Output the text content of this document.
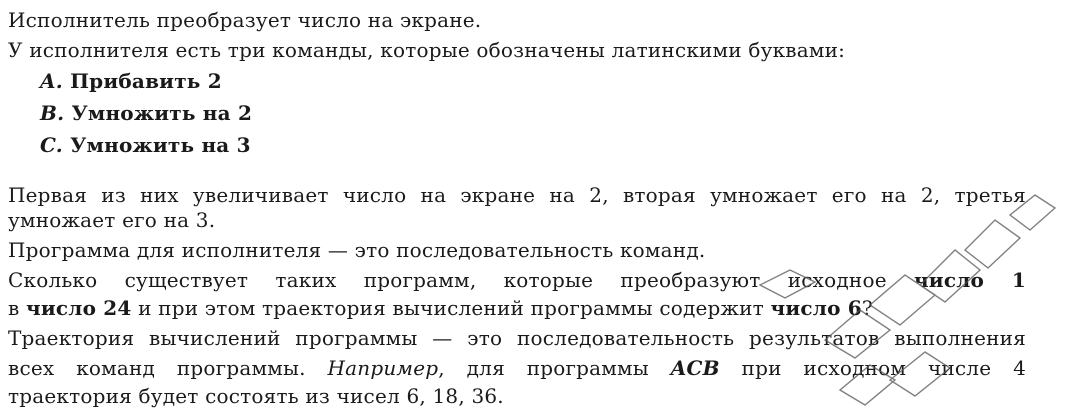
Исполнитель преобразует число на экране.
У исполнителя есть три команды, которые обозначены латинскими буквами:
A. Прибавить 2
B. Умножить на 2
C. Умножить на 3
Первая из них увеличивает число на экране на 2, вторая умножает его на 2, третья
умножает его на 3.
Программа для исполнителя — это последовательность команд.
Сколько существует таких программ, которые преобразуют исходное число 1
в число 24 и при этом траектория вычислений программы содержит число 6?
Траектория вычислений программы — это последовательность результатов выполнения
всех команд программы. Например, для программы ACB при исходном числе 4
траектория будет состоять из чисел 6, 18, 36.
